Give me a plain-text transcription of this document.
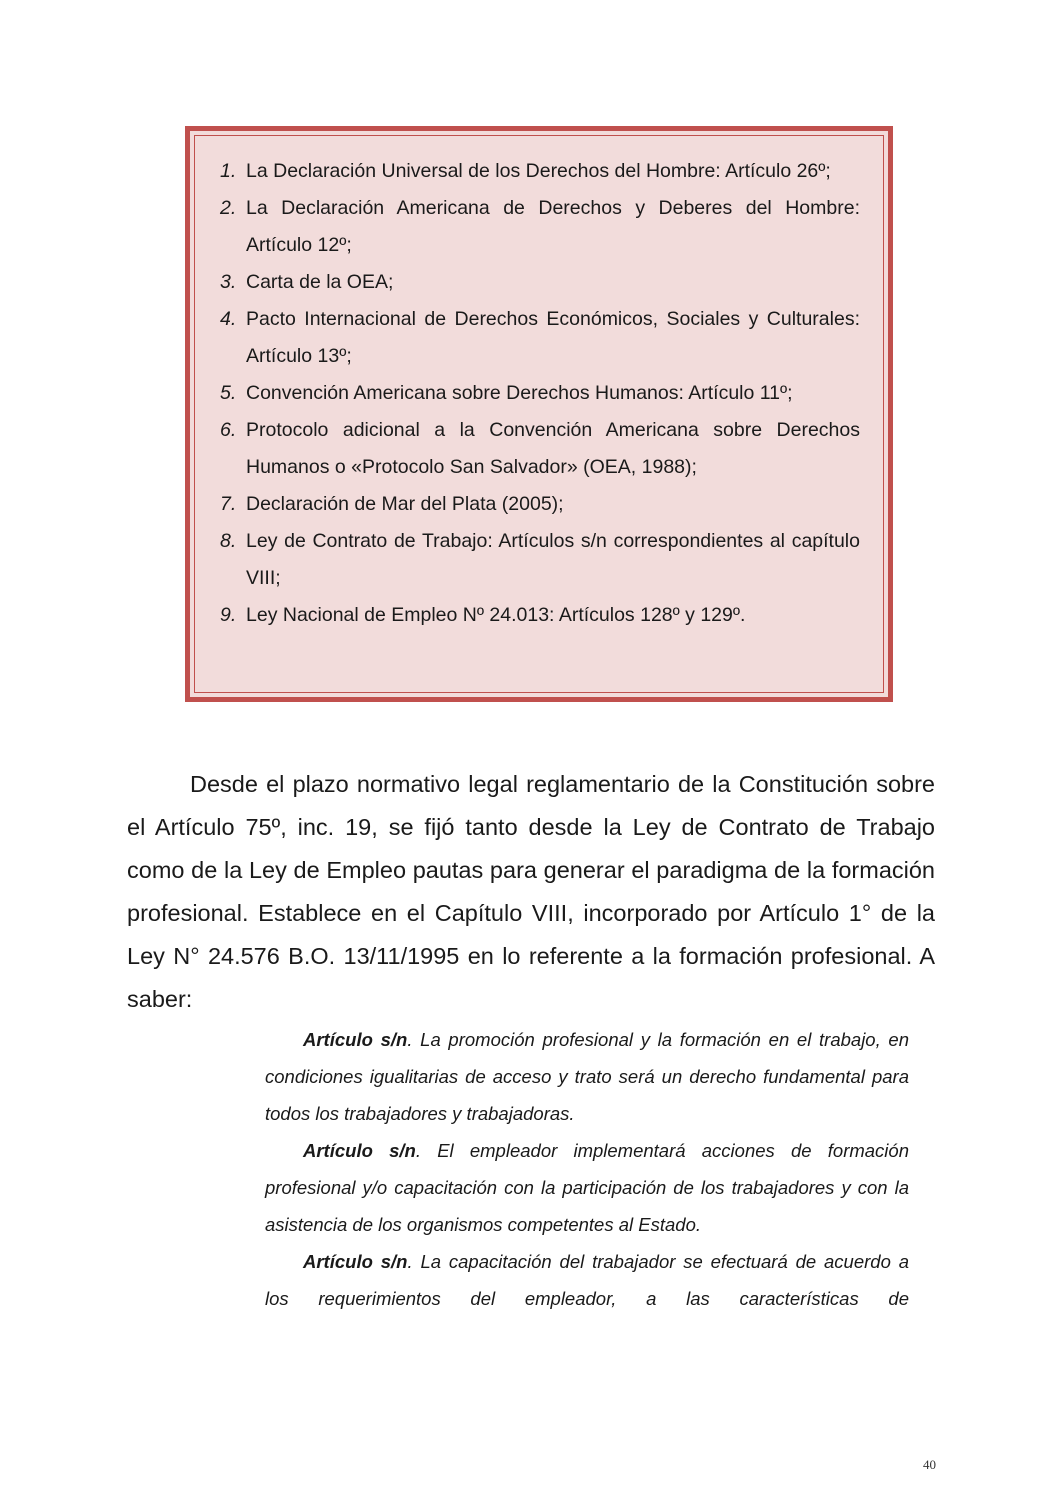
1. La Declaración Universal de los Derechos del Hombre: Artículo 26º;
2. La Declaración Americana de Derechos y Deberes del Hombre: Artículo 12º;
3. Carta de la OEA;
4. Pacto Internacional de Derechos Económicos, Sociales y Culturales: Artículo 13º;
5. Convención Americana sobre Derechos Humanos: Artículo 11º;
6. Protocolo adicional a la Convención Americana sobre Derechos Humanos o «Protocolo San Salvador» (OEA, 1988);
7. Declaración de Mar del Plata (2005);
8. Ley de Contrato de Trabajo: Artículos s/n correspondientes al capítulo VIII;
9. Ley Nacional de Empleo Nº 24.013: Artículos 128º y 129º.

Desde el plazo normativo legal reglamentario de la Constitución sobre el Artículo 75º, inc. 19, se fijó tanto desde la Ley de Contrato de Trabajo como de la Ley de Empleo pautas para generar el paradigma de la formación profesional. Establece en el Capítulo VIII, incorporado por Artículo 1° de la Ley N° 24.576 B.O. 13/11/1995 en lo referente a la formación profesional. A saber:

Artículo s/n. La promoción profesional y la formación en el trabajo, en condiciones igualitarias de acceso y trato será un derecho fundamental para todos los trabajadores y trabajadoras.

Artículo s/n. El empleador implementará acciones de formación profesional y/o capacitación con la participación de los trabajadores y con la asistencia de los organismos competentes al Estado.

Artículo s/n. La capacitación del trabajador se efectuará de acuerdo a los requerimientos del empleador, a las características de

40
